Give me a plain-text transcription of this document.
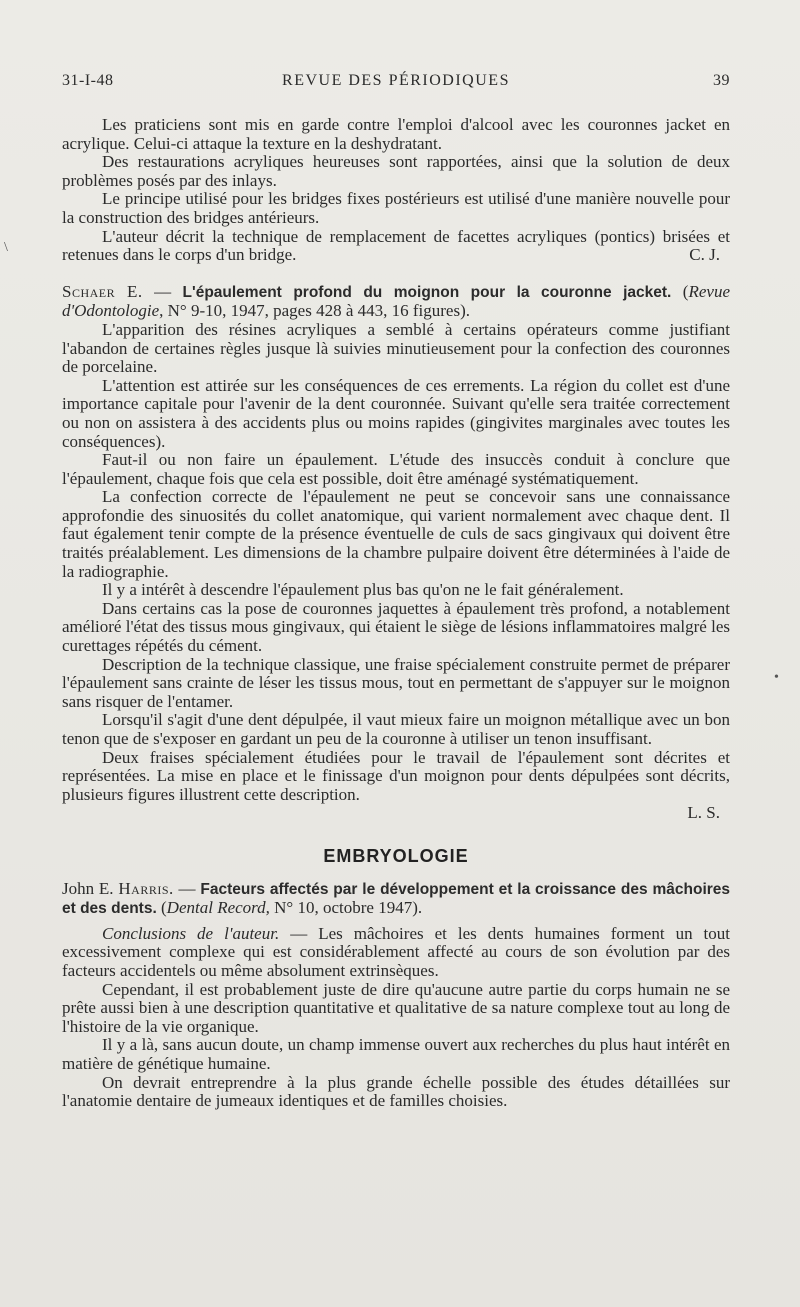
31-I-48	REVUE DES PÉRIODIQUES	39

Les praticiens sont mis en garde contre l'emploi d'alcool avec les couronnes jacket en acrylique. Celui-ci attaque la texture en la deshydratant.

Des restaurations acryliques heureuses sont rapportées, ainsi que la solution de deux problèmes posés par des inlays.

Le principe utilisé pour les bridges fixes postérieurs est utilisé d'une manière nouvelle pour la construction des bridges antérieurs.

L'auteur décrit la technique de remplacement de facettes acryliques (pontics) brisées et retenues dans le corps d'un bridge.	C. J.

Schaer E. — L'épaulement profond du moignon pour la couronne jacket. (Revue d'Odontologie, N° 9-10, 1947, pages 428 à 443, 16 figures).

L'apparition des résines acryliques a semblé à certains opérateurs comme justifiant l'abandon de certaines règles jusque là suivies minutieusement pour la confection des couronnes de porcelaine.

L'attention est attirée sur les conséquences de ces errements. La région du collet est d'une importance capitale pour l'avenir de la dent couronnée. Suivant qu'elle sera traitée correctement ou non on assistera à des accidents plus ou moins rapides (gingivites marginales avec toutes les conséquences).

Faut-il ou non faire un épaulement. L'étude des insuccès conduit à conclure que l'épaulement, chaque fois que cela est possible, doit être aménagé systématiquement.

La confection correcte de l'épaulement ne peut se concevoir sans une connaissance approfondie des sinuosités du collet anatomique, qui varient normalement avec chaque dent. Il faut également tenir compte de la présence éventuelle de culs de sacs gingivaux qui doivent être traités préalablement. Les dimensions de la chambre pulpaire doivent être déterminées à l'aide de la radiographie.

Il y a intérêt à descendre l'épaulement plus bas qu'on ne le fait généralement.

Dans certains cas la pose de couronnes jaquettes à épaulement très profond, a notablement amélioré l'état des tissus mous gingivaux, qui étaient le siège de lésions inflammatoires malgré les curettages répétés du cément.

Description de la technique classique, une fraise spécialement construite permet de préparer l'épaulement sans crainte de léser les tissus mous, tout en permettant de s'appuyer sur le moignon sans risquer de l'entamer.

Lorsqu'il s'agit d'une dent dépulpée, il vaut mieux faire un moignon métallique avec un bon tenon que de s'exposer en gardant un peu de la couronne à utiliser un tenon insuffisant.

Deux fraises spécialement étudiées pour le travail de l'épaulement sont décrites et représentées. La mise en place et le finissage d'un moignon pour dents dépulpées sont décrits, plusieurs figures illustrent cette description.

L. S.
EMBRYOLOGIE

John E. Harris. — Facteurs affectés par le développement et la croissance des mâchoires et des dents. (Dental Record, N° 10, octobre 1947).

Conclusions de l'auteur. — Les mâchoires et les dents humaines forment un tout excessivement complexe qui est considérablement affecté au cours de son évolution par des facteurs accidentels ou même absolument extrinsèques.

Cependant, il est probablement juste de dire qu'aucune autre partie du corps humain ne se prête aussi bien à une description quantitative et qualitative de sa nature complexe tout au long de l'histoire de la vie organique.

Il y a là, sans aucun doute, un champ immense ouvert aux recherches du plus haut intérêt en matière de génétique humaine.

On devrait entreprendre à la plus grande échelle possible des études détaillées sur l'anatomie dentaire de jumeaux identiques et de familles choisies.

\
•
